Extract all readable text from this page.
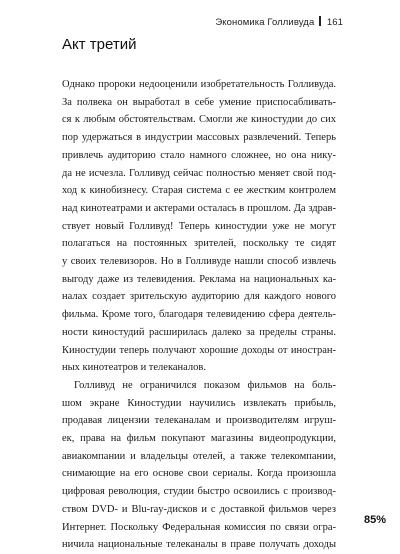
Экономика Голливуда 161
Акт третий
Однако пророки недооценили изобретательность Голливуда.
За полвека он выработал в себе умение приспосабливать-
ся к любым обстоятельствам. Смогли же киностудии до сих
пор удержаться в индустрии массовых развлечений. Теперь
привлечь аудиторию стало намного сложнее, но она нику-
да не исчезла. Голливуд сейчас полностью меняет свой под-
ход к кинобизнесу. Старая система с ее жестким контролем
над кинотеатрами и актерами осталась в прошлом. Да здрав-
ствует новый Голливуд! Теперь киностудии уже не могут
полагаться на постоянных зрителей, поскольку те сидят
у своих телевизоров. Но в Голливуде нашли способ извлечь
выгоду даже из телевидения. Реклама на национальных ка-
налах создает зрительскую аудиторию для каждого нового
фильма. Кроме того, благодаря телевидению сфера деятель-
ности киностудий расширилась далеко за пределы страны.
Киностудии теперь получают хорошие доходы от иностран-
ных кинотеатров и телеканалов.
Голливуд не ограничился показом фильмов на боль-
шом экране Киностудии научились извлекать прибыль,
продавая лицензии телеканалам и производителям игруш-
ек, права на фильм покупают магазины видеопродукции,
авиакомпании и владельцы отелей, а также телекомпании,
снимающие на его основе свои сериалы. Когда произошла
цифровая революция, студии быстро освоились с производ-
ством DVD- и Blu-ray-дисков и с доставкой фильмов через
Интернет. Поскольку Федеральная комиссия по связи огра-
ничила национальные телеканалы в праве получать доходы
85%
